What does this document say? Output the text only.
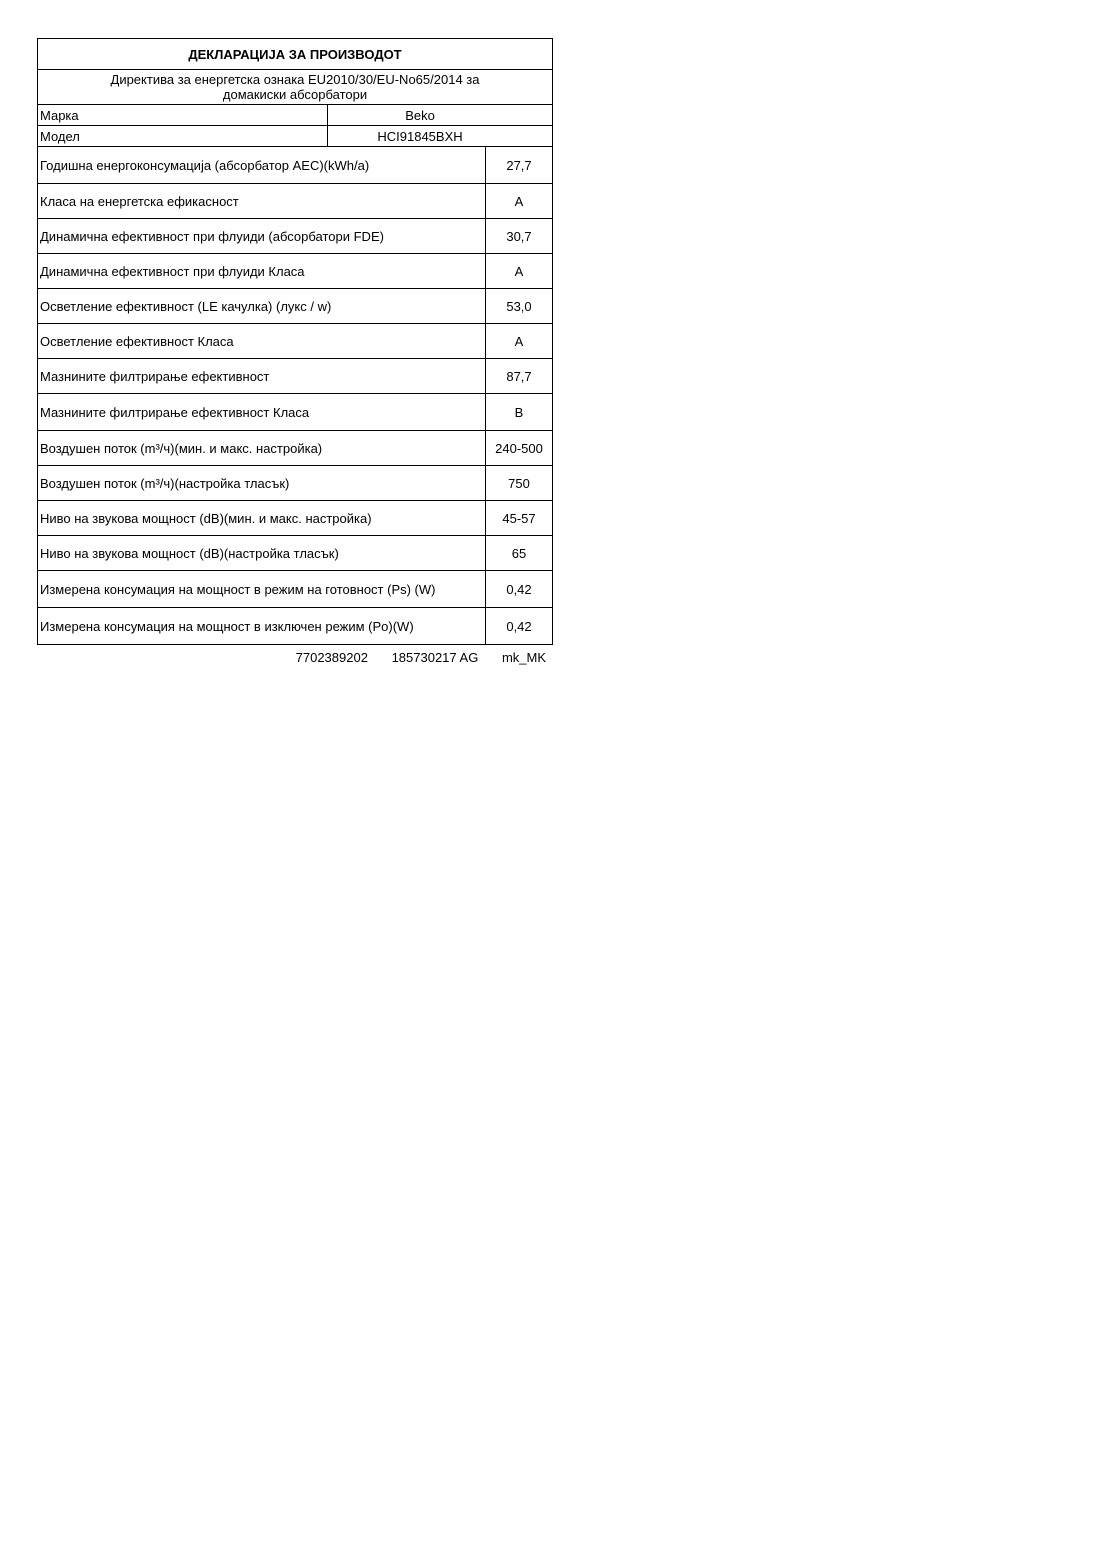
ДЕКЛАРАЦИЈА ЗА ПРОИЗВОДОТ		
Директива за енергетска ознака EU2010/30/EU-No65/2014 за домакиски абсорбатори		
Марка	Beko	
Модел	HCI91845BXH	
Годишна енергоконсумација (абсорбатор AEC)(kWh/a)		27,7
Класа на енергетска ефикасност		A
Динамична ефективност при флуиди (абсорбатори FDE)		30,7
Динамична ефективност при флуиди Класа		A
Осветление ефективност (LE качулка) (лукс / w)		53,0
Осветление ефективност Класа		A
Мазнините филтрирање ефективност		87,7
Мазнините филтрирање ефективност Класа		B
Воздушен поток (m³/ч)(мин. и макс. настройка)		240-500
Воздушен поток (m³/ч)(настройка тласък)		750
Ниво на звукова мощност (dB)(мин. и макс. настройка)		45-57
Ниво на звукова мощност (dB)(настройка тласък)		65
Измерена консумация на мощност в режим на готовност (Ps) (W)		0,42
Измерена консумация на мощност в изключен режим (Po)(W)		0,42
7702389202 185730217 AG mk_MK
